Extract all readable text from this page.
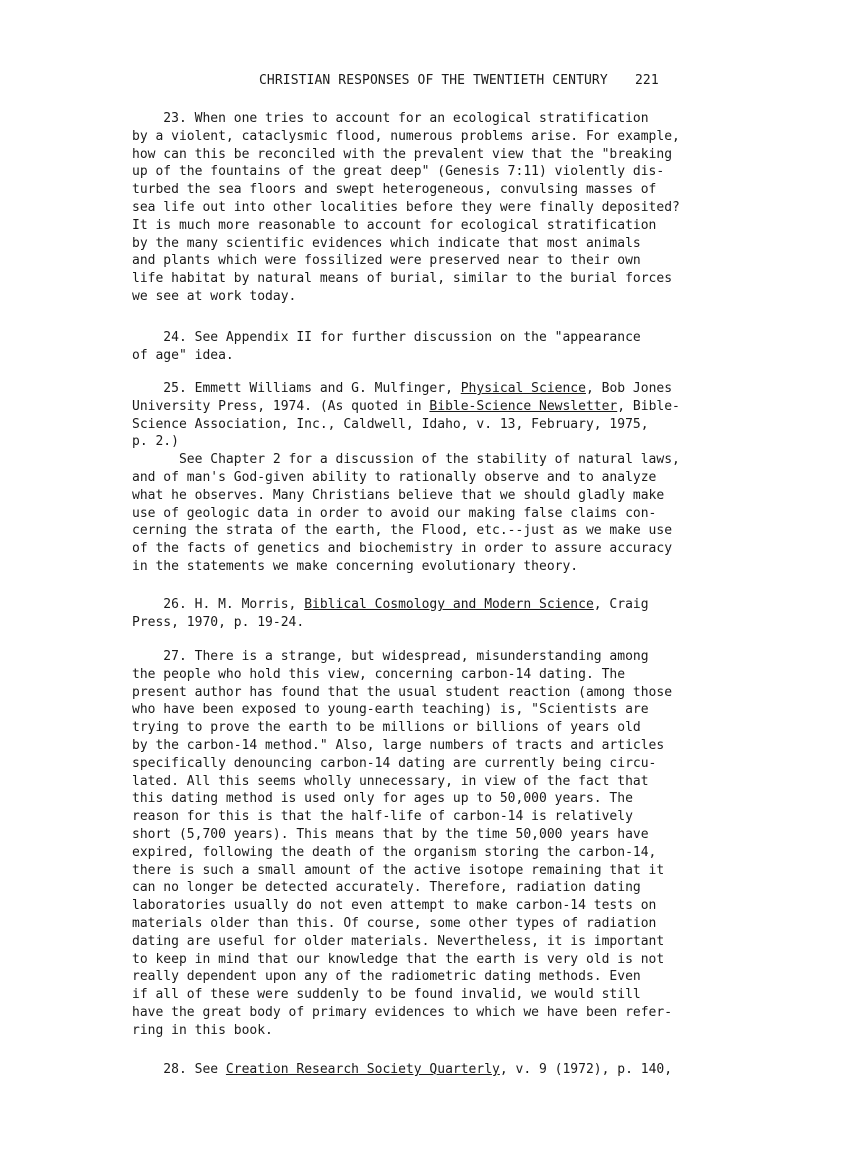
CHRISTIAN RESPONSES OF THE TWENTIETH CENTURY 221
23. When one tries to account for an ecological stratification
by a violent, cataclysmic flood, numerous problems arise. For example,
how can this be reconciled with the prevalent view that the "breaking
up of the fountains of the great deep" (Genesis 7:11) violently dis-
turbed the sea floors and swept heterogeneous, convulsing masses of
sea life out into other localities before they were finally deposited?
It is much more reasonable to account for ecological stratification
by the many scientific evidences which indicate that most animals
and plants which were fossilized were preserved near to their own
life habitat by natural means of burial, similar to the burial forces
we see at work today.
24. See Appendix II for further discussion on the "appearance
of age" idea.
25. Emmett Williams and G. Mulfinger, Physical Science, Bob Jones
University Press, 1974. (As quoted in Bible-Science Newsletter, Bible-
Science Association, Inc., Caldwell, Idaho, v. 13, February, 1975,
p. 2.)
See Chapter 2 for a discussion of the stability of natural laws,
and of man's God-given ability to rationally observe and to analyze
what he observes. Many Christians believe that we should gladly make
use of geologic data in order to avoid our making false claims con-
cerning the strata of the earth, the Flood, etc.--just as we make use
of the facts of genetics and biochemistry in order to assure accuracy
in the statements we make concerning evolutionary theory.
26. H. M. Morris, Biblical Cosmology and Modern Science, Craig
Press, 1970, p. 19-24.
27. There is a strange, but widespread, misunderstanding among
the people who hold this view, concerning carbon-14 dating. The
present author has found that the usual student reaction (among those
who have been exposed to young-earth teaching) is, "Scientists are
trying to prove the earth to be millions or billions of years old
by the carbon-14 method." Also, large numbers of tracts and articles
specifically denouncing carbon-14 dating are currently being circu-
lated. All this seems wholly unnecessary, in view of the fact that
this dating method is used only for ages up to 50,000 years. The
reason for this is that the half-life of carbon-14 is relatively
short (5,700 years). This means that by the time 50,000 years have
expired, following the death of the organism storing the carbon-14,
there is such a small amount of the active isotope remaining that it
can no longer be detected accurately. Therefore, radiation dating
laboratories usually do not even attempt to make carbon-14 tests on
materials older than this. Of course, some other types of radiation
dating are useful for older materials. Nevertheless, it is important
to keep in mind that our knowledge that the earth is very old is not
really dependent upon any of the radiometric dating methods. Even
if all of these were suddenly to be found invalid, we would still
have the great body of primary evidences to which we have been refer-
ring in this book.
28. See Creation Research Society Quarterly, v. 9 (1972), p. 140,
